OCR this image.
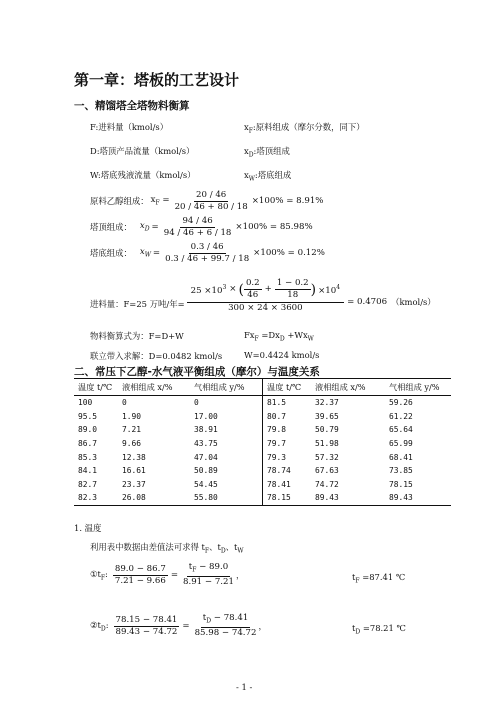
第一章：塔板的工艺设计
一、精馏塔全塔物料衡算
F:进料量（kmol/s）	$x_F$:原料组成（摩尔分数，同下）
D:塔顶产品流量（kmol/s）	$x_D$:塔顶组成
W:塔底残液流量（kmol/s）	$x_W$:塔底组成
原料乙醇组成： $x_F = \frac{20 / 46}{20 / 46 + 80 / 18} \times 100\% = 8.91\%$
塔顶组成： $x_D = \frac{94 / 46}{94 / 46 + 6 / 18} \times 100\% = 85.98\%$
塔底组成： $x_W = \frac{0.3 / 46}{0.3 / 46 + 99.7 / 18} \times 100\% = 0.12\%$
进料量：F=25 万吨/年=
$25 \times 10^3$ × ( $\frac{0.2}{46} + \frac{1 - 0.2}{18}$ ) $\times 10^4$
300 × 24 × 3600
= 0.4706 （kmol/s）
物料衡算式为：F=D+W	$Fx_F =Dx_D +Wx_W$
联立带入求解：D=0.0482 kmol/s	W=0.4424 kmol/s
二、常压下乙醇-水气液平衡组成（摩尔）与温度关系
温度 t/℃	液相组成 x/%	气相组成 y/%	温度 t/℃	液相组成 x/%	气相组成 y/%
100	0	0	81.5	32.37	59.26
95.5	1.90	17.00	80.7	39.65	61.22
89.0	7.21	38.91	79.8	50.79	65.64
86.7	9.66	43.75	79.7	51.98	65.99
85.3	12.38	47.04	79.3	57.32	68.41
84.1	16.61	50.89	78.74	67.63	73.85
82.7	23.37	54.45	78.41	74.72	78.15
82.3	26.08	55.80	78.15	89.43	89.43
1. 温度
利用表中数据由差值法可求得 $t_F$、$t_D$、$t_W$
$①t_F$: $\frac{89.0 - 86.7}{7.21 - 9.66} = \frac{t_F - 89.0}{8.91 - 7.21}$ ，	$t_F =87.41$ ℃
$②t_D$: $\frac{78.15 - 78.41}{89.43 - 74.72} = \frac{t_D - 78.41}{85.98 - 74.72}$ ，	$t_D =78.21$ ℃
- 1 -
